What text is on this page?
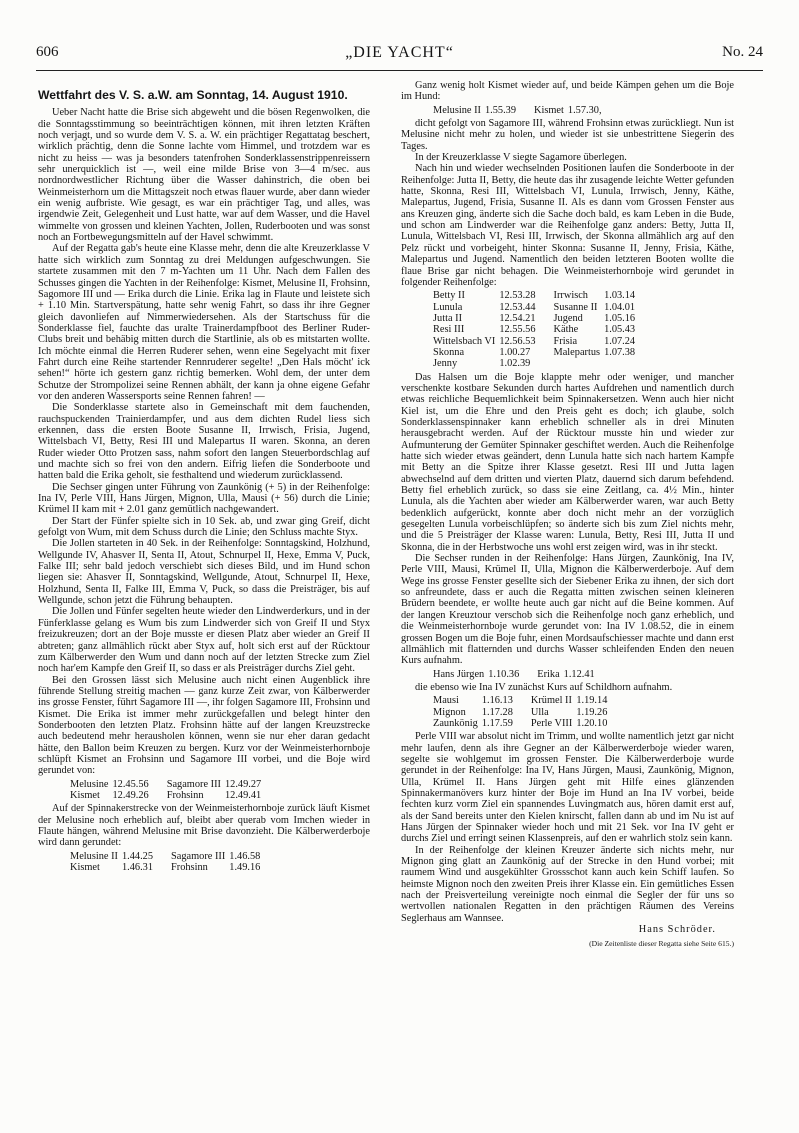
606	„DIE YACHT“	No. 24
Wettfahrt des V. S. a.W. am Sonntag, 14. August 1910.

Ueber Nacht hatte die Brise sich abgeweht und die bösen Regenwolken, die die Sonntagsstimmung so beeinträchtigen können, mit ihren letzten Kräften noch verjagt, und so wurde dem V. S. a. W. ein prächtiger Regattatag beschert, wirklich prächtig, denn die Sonne lachte vom Himmel, und trotzdem war es nicht zu heiss — was ja besonders tatenfrohen Sonderklassenstrippenreissern sehr unerquicklich ist —, weil eine milde Brise von 3—4 m/sec. aus nordnordwestlicher Richtung über die Wasser dahinstrich, die oben bei Weinmeisterhorn um die Mittagszeit noch etwas flauer wurde, aber dann wieder ein wenig aufbriste. Wie gesagt, es war ein prächtiger Tag, und alles, was irgendwie Zeit, Gelegenheit und Lust hatte, war auf dem Wasser, und die Havel wimmelte von grossen und kleinen Yachten, Jollen, Ruderbooten und was sonst noch an Fortbewegungsmitteln auf der Havel schwimmt.

Auf der Regatta gab's heute eine Klasse mehr, denn die alte Kreuzerklasse V hatte sich wirklich zum Sonntag zu drei Meldungen aufgeschwungen. Sie startete zusammen mit den 7 m-Yachten um 11 Uhr. Nach dem Fallen des Schusses gingen die Yachten in der Reihenfolge: Kismet, Melusine II, Frohsinn, Sagomore III und — Erika durch die Linie. Erika lag in Flaute und leistete sich + 1.10 Min. Startverspätung, hatte sehr wenig Fahrt, so dass ihr ihre Gegner gleich davonliefen auf Nimmerwiedersehen. Als der Startschuss für die Sonderklasse fiel, fauchte das uralte Trainerdampfboot des Berliner Ruder-Clubs breit und behäbig mitten durch die Startlinie, als ob es mitstarten wollte. Ich möchte einmal die Herren Ruderer sehen, wenn eine Segelyacht mit fixer Fahrt durch eine Reihe startender Rennruderer segelte! „Den Hals möcht' ick sehen!“ hörte ich gestern ganz richtig bemerken. Wohl dem, der unter dem Schutze der Strompolizei seine Rennen abhält, der kann ja ohne eigene Gefahr vor den anderen Wassersports seine Rennen fahren! —

Die Sonderklasse startete also in Gemeinschaft mit dem fauchenden, rauchspuckenden Trainierdampfer, und aus dem dichten Rudel liess sich erkennen, dass die ersten Boote Susanne II, Irrwisch, Frisia, Jugend, Wittelsbach VI, Betty, Resi III und Malepartus II waren. Skonna, an deren Ruder wieder Otto Protzen sass, nahm sofort den langen Steuerbordschlag auf und machte sich so frei von den andern. Eifrig liefen die Sonderboote und hatten bald die Erika geholt, sie festhaltend und wiederum zurücklassend.

Die Sechser gingen unter Führung von Zaunkönig (+ 5) in der Reihenfolge: Ina IV, Perle VIII, Hans Jürgen, Mignon, Ulla, Mausi (+ 56) durch die Linie; Krümel II kam mit + 2.01 ganz gemütlich nachgewandert.

Der Start der Fünfer spielte sich in 10 Sek. ab, und zwar ging Greif, dicht gefolgt von Wum, mit dem Schuss durch die Linie; den Schluss machte Styx.

Die Jollen starteten in 40 Sek. in der Reihenfolge: Sonntagskind, Holzhund, Wellgunde IV, Ahasver II, Senta II, Atout, Schnurpel II, Hexe, Emma V, Puck, Falke III; sehr bald jedoch verschiebt sich dieses Bild, und im Hund schon liegen sie: Ahasver II, Sonntagskind, Wellgunde, Atout, Schnurpel II, Hexe, Holzhund, Senta II, Falke III, Emma V, Puck, so dass die Preisträger, bis auf Wellgunde, schon jetzt die Führung behaupten.

Die Jollen und Fünfer segelten heute wieder den Lindwerderkurs, und in der Fünferklasse gelang es Wum bis zum Lindwerder sich von Greif II und Styx freizukreuzen; dort an der Boje musste er diesen Platz aber wieder an Greif II abtreten; ganz allmählich rückt aber Styx auf, holt sich erst auf der Rücktour zum Kälberwerder den Wum und dann noch auf der letzten Strecke zum Ziel noch har'em Kampfe den Greif II, so dass er als Preisträger durchs Ziel geht.

Bei den Grossen lässt sich Melusine auch nicht einen Augenblick ihre führende Stellung streitig machen — ganz kurze Zeit zwar, von Kälberwerder ins grosse Fenster, führt Sagamore III —, ihr folgen Sagamore III, Frohsinn und Kismet. Die Erika ist immer mehr zurückgefallen und belegt hinter den Sonderbooten den letzten Platz. Frohsinn hätte auf der langen Kreuzstrecke auch bedeutend mehr herausholen können, wenn sie nur eher daran gedacht hätte, den Ballon beim Kreuzen zu bergen. Kurz vor der Weinmeisterhornboje schlüpft Kismet an Frohsinn und Sagamore III vorbei, und die Boje wird gerundet von:

Melusine	12.45.56	Sagamore III	12.49.27
Kismet	12.49.26	Frohsinn	12.49.41

Auf der Spinnakerstrecke von der Weinmeisterhornboje zurück läuft Kismet der Melusine noch erheblich auf, bleibt aber querab vom Imchen wieder in Flaute hängen, während Melusine mit Brise davonzieht. Die Kälberwerderboje wird dann gerundet:

Melusine II	1.44.25	Sagamore III	1.46.58
Kismet	1.46.31	Frohsinn	1.49.16

Ganz wenig holt Kismet wieder auf, und beide Kämpen gehen um die Boje im Hund:

Melusine II	1.55.39	Kismet	1.57.30,

dicht gefolgt von Sagamore III, während Frohsinn etwas zurückliegt. Nun ist Melusine nicht mehr zu holen, und wieder ist sie unbestrittene Siegerin des Tages.

In der Kreuzerklasse V siegte Sagamore überlegen.

Nach hin und wieder wechselnden Positionen laufen die Sonderboote in der Reihenfolge: Jutta II, Betty, die heute das ihr zusagende leichte Wetter gefunden hatte, Skonna, Resi III, Wittelsbach VI, Lunula, Irrwisch, Jenny, Käthe, Malepartus, Jugend, Frisia, Susanne II. Als es dann vom Grossen Fenster aus ans Kreuzen ging, änderte sich die Sache doch bald, es kam Leben in die Bude, und schon am Lindwerder war die Reihenfolge ganz anders: Betty, Jutta II, Lunula, Wittelsbach VI, Resi III, Irrwisch, der Skonna allmählich arg auf den Pelz rückt und vorbeigeht, hinter Skonna: Susanne II, Jenny, Frisia, Käthe, Malepartus und Jugend. Namentlich den beiden letzteren Booten wollte die flaue Brise gar nicht behagen. Die Weinmeisterhornboje wird gerundet in folgender Reihenfolge:

Betty II	12.53.28	Irrwisch	1.03.14
Lunula	12.53.44	Susanne II	1.04.01
Jutta II	12.54.21	Jugend	1.05.16
Resi III	12.55.56	Käthe	1.05.43
Wittelsbach VI	12.56.53	Frisia	1.07.24
Skonna	1.00.27	Malepartus	1.07.38
Jenny	1.02.39		

Das Halsen um die Boje klappte mehr oder weniger, und mancher verschenkte kostbare Sekunden durch hartes Aufdrehen und namentlich durch etwas reichliche Bequemlichkeit beim Spinnakersetzen. Wenn auch hier nicht Kiel ist, um die Ehre und den Preis geht es doch; ich glaube, solch Sonderklassenspinnaker kann erheblich schneller als in drei Minuten herausgebracht werden. Auf der Rücktour musste hin und wieder zur Aufmunterung der Gemüter Spinnaker geschiftet werden. Auch die Reihenfolge hatte sich wieder etwas geändert, denn Lunula hatte sich nach hartem Kampfe mit Betty an die Spitze ihrer Klasse gesetzt. Resi III und Jutta lagen abwechselnd auf dem dritten und vierten Platz, dauernd sich darum befehdend. Betty fiel erheblich zurück, so dass sie eine Zeitlang, ca. 4½ Min., hinter Lunula, als die Yachten aber wieder am Kälberwerder waren, war auch Betty bedenklich aufgerückt, konnte aber doch nicht mehr an der vorzüglich gesegelten Lunula vorbeischlüpfen; so änderte sich bis zum Ziel nichts mehr, und die 5 Preisträger der Klasse waren: Lunula, Betty, Resi III, Jutta II und Skonna, die in der Herbstwoche uns wohl erst zeigen wird, was in ihr steckt.

Die Sechser runden in der Reihenfolge: Hans Jürgen, Zaunkönig, Ina IV, Perle VIII, Mausi, Krümel II, Ulla, Mignon die Kälberwerderboje. Auf dem Wege ins grosse Fenster gesellte sich der Siebener Erika zu ihnen, der sich dort so anfreundete, dass er auch die Regatta mitten zwischen seinen kleineren Brüdern beendete, er wollte heute auch gar nicht auf die Beine kommen. Auf der langen Kreuztour verschob sich die Reihenfolge noch ganz erheblich, und die Weinmeisterhornboje wurde gerundet von: Ina IV 1.08.52, die in einem grossen Bogen um die Boje fuhr, einen Mordsaufschiesser machte und dann erst allmählich mit flatternden und durchs Wasser schleifenden Enden den neuen Kurs aufnahm.

Hans Jürgen	1.10.36	Erika	1.12.41

die ebenso wie Ina IV zunächst Kurs auf Schildhorn aufnahm.

Mausi	1.16.13	Krümel II	1.19.14
Mignon	1.17.28	Ulla	1.19.26
Zaunkönig	1.17.59	Perle VIII	1.20.10

Perle VIII war absolut nicht im Trimm, und wollte namentlich jetzt gar nicht mehr laufen, denn als ihre Gegner an der Kälberwerderboje wieder waren, segelte sie wohlgemut im grossen Fenster. Die Kälberwerderboje wurde gerundet in der Reihenfolge: Ina IV, Hans Jürgen, Mausi, Zaunkönig, Mignon, Ulla, Krümel II. Hans Jürgen geht mit Hilfe eines glänzenden Spinnakermanövers kurz hinter der Boje im Hund an Ina IV vorbei, beide fechten kurz vorm Ziel ein spannendes Luvingmatch aus, hören damit erst auf, als der Sand bereits unter den Kielen knirscht, fallen dann ab und im Nu ist auf Hans Jürgen der Spinnaker wieder hoch und mit 21 Sek. vor Ina IV geht er durchs Ziel und erringt seinen Klassenpreis, auf den er wahrlich stolz sein kann.

In der Reihenfolge der kleinen Kreuzer änderte sich nichts mehr, nur Mignon ging glatt an Zaunkönig auf der Strecke in den Hund vorbei; mit raumem Wind und ausgekühlter Grossschot kann auch kein Schiff laufen. So heimste Mignon noch den zweiten Preis ihrer Klasse ein. Ein gemütliches Essen nach der Preisverteilung vereinigte noch einmal die Segler der für uns so wertvollen nationalen Regatten in den prächtigen Räumen des Vereins Seglerhaus am Wannsee.

Hans Schröder.

(Die Zeitenliste dieser Regatta siehe Seite 615.)
